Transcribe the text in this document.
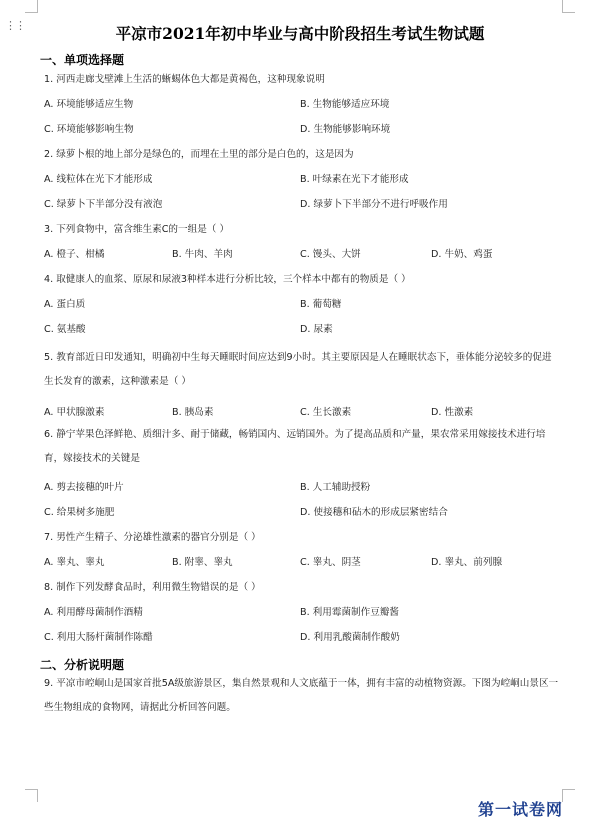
⋮⋮	平凉市2021年初中毕业与高中阶段招生考试生物试题
一、单项选择题
1. 河西走廊戈壁滩上生活的蜥蜴体色大都是黄褐色，这种现象说明
A. 环境能够适应生物	B. 生物能够适应环境
C. 环境能够影响生物	D. 生物能够影响环境
2. 绿萝卜根的地上部分是绿色的，而埋在土里的部分是白色的，这是因为
A. 线粒体在光下才能形成	B. 叶绿素在光下才能形成
C. 绿萝卜下半部分没有液泡	D. 绿萝卜下半部分不进行呼吸作用
3. 下列食物中，富含维生素C的一组是（ ）
A. 橙子、柑橘	B. 牛肉、羊肉	C. 馒头、大饼	D. 牛奶、鸡蛋
4. 取健康人的血浆、原尿和尿液3种样本进行分析比较，三个样本中都有的物质是（ ）
A. 蛋白质	B. 葡萄糖
C. 氨基酸	D. 尿素
5. 教育部近日印发通知，明确初中生每天睡眠时间应达到9小时。其主要原因是人在睡眠状态下，垂体能分泌较多的促进生长发育的激素，这种激素是（ ）
A. 甲状腺激素	B. 胰岛素	C. 生长激素	D. 性激素
6. 静宁苹果色泽鲜艳、质细汁多、耐于储藏，畅销国内、远销国外。为了提高品质和产量，果农常采用嫁接技术进行培育，嫁接技术的关键是
A. 剪去接穗的叶片	B. 人工辅助授粉
C. 给果树多施肥	D. 使接穗和砧木的形成层紧密结合
7. 男性产生精子、分泌雄性激素的器官分别是（ ）
A. 睾丸、睾丸	B. 附睾、睾丸	C. 睾丸、阴茎	D. 睾丸、前列腺
8. 制作下列发酵食品时，利用微生物错误的是（ ）
A. 利用酵母菌制作酒精	B. 利用霉菌制作豆瓣酱
C. 利用大肠杆菌制作陈醋	D. 利用乳酸菌制作酸奶
二、分析说明题
9. 平凉市崆峒山是国家首批5A级旅游景区，集自然景观和人文底蕴于一体，拥有丰富的动植物资源。下图为崆峒山景区一些生物组成的食物网，请据此分析回答问题。
第一试卷网
